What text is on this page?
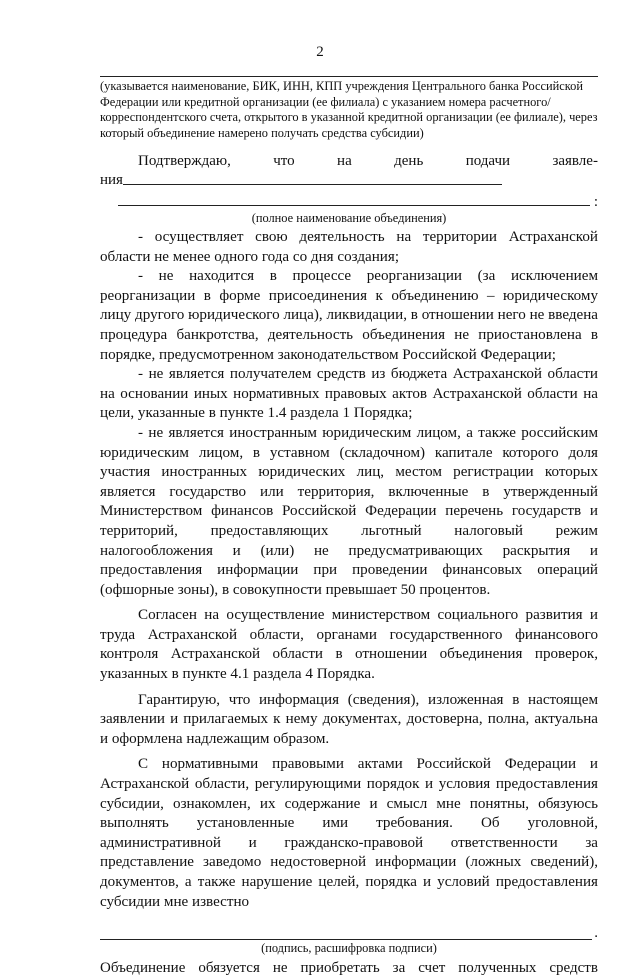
2
(указывается наименование, БИК, ИНН, КПП учреждения Центрального банка Российской Федерации или кредитной организации (ее филиала) с указанием номера расчетного/корреспондентского счета, открытого в указанной кредитной организации (ее филиале), через который объединение намерено получать средства субсидии)
Подтверждаю,	что	на	день	подачи	заявле-
ния
:
(полное наименование объединения)

- осуществляет свою деятельность на территории Астраханской области не менее одного года со дня создания;

- не находится в процессе реорганизации (за исключением реорганизации в форме присоединения к объединению – юридическому лицу другого юридического лица), ликвидации, в отношении него не введена процедура банкротства, деятельность объединения не приостановлена в порядке, предусмотренном законодательством Российской Федерации;

- не является получателем средств из бюджета Астраханской области на основании иных нормативных правовых актов Астраханской области на цели, указанные в пункте 1.4 раздела 1 Порядка;

- не является иностранным юридическим лицом, а также российским юридическим лицом, в уставном (складочном) капитале которого доля участия иностранных юридических лиц, местом регистрации которых является государство или территория, включенные в утвержденный Министерством финансов Российской Федерации перечень государств и территорий, предоставляющих льготный налоговый режим налогообложения и (или) не предусматривающих раскрытия и предоставления информации при проведении финансовых операций (офшорные зоны), в совокупности превышает 50 процентов.

Согласен на осуществление министерством социального развития и труда Астраханской области, органами государственного финансового контроля Астраханской области в отношении объединения проверок, указанных в пункте 4.1 раздела 4 Порядка.

Гарантирую, что информация (сведения), изложенная в настоящем заявлении и прилагаемых к нему документах, достоверна, полна, актуальна и оформлена надлежащим образом.

С нормативными правовыми актами Российской Федерации и Астраханской области, регулирующими порядок и условия предоставления субсидии, ознакомлен, их содержание и смысл мне понятны, обязуюсь выполнять установленные ими требования. Об уголовной, административной и гражданско-правовой ответственности за представление заведомо недостоверной информации (ложных сведений), документов, а также нарушение целей, порядка и условий предоставления субсидии мне известно

.
(подпись, расшифровка подписи)
Объединение обязуется не приобретать за счет полученных средств
